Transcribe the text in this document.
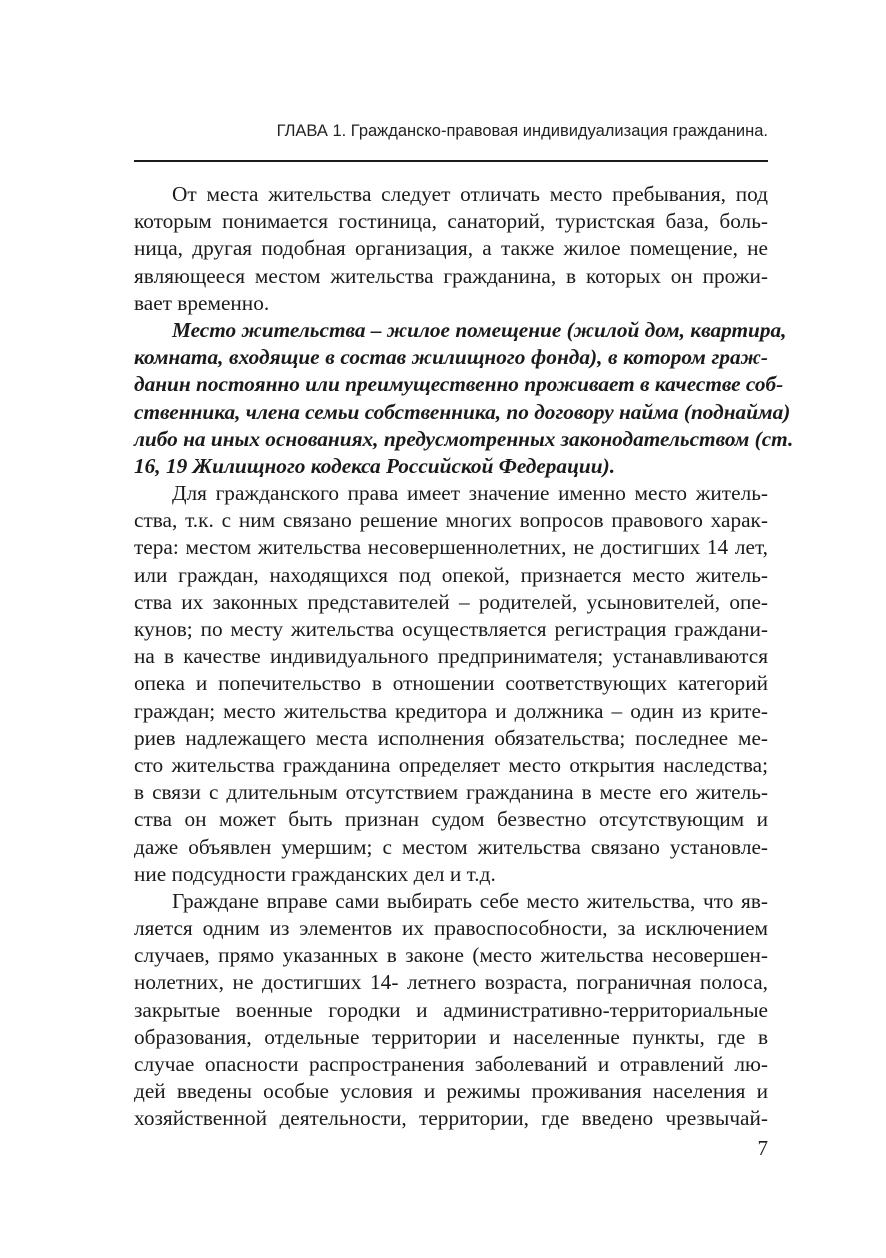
ГЛАВА 1. Гражданско-правовая индивидуализация гражданина.
От места жительства следует отличать место пребывания, под
которым понимается гостиница, санаторий, туристская база, боль-
ница, другая подобная организация, а также жилое помещение, не
являющееся местом жительства гражданина, в которых он прожи-
вает временно.
Место жительства – жилое помещение (жилой дом, квартира,
комната, входящие в состав жилищного фонда), в котором граж-
данин постоянно или преимущественно проживает в качестве соб-
ственника, члена семьи собственника, по договору найма (поднайма)
либо на иных основаниях, предусмотренных законодательством (ст.
16, 19 Жилищного кодекса Российской Федерации).
Для гражданского права имеет значение именно место житель-
ства, т.к. с ним связано решение многих вопросов правового харак-
тера: местом жительства несовершеннолетних, не достигших 14 лет,
или граждан, находящихся под опекой, признается место житель-
ства их законных представителей – родителей, усыновителей, опе-
кунов; по месту жительства осуществляется регистрация граждани-
на в качестве индивидуального предпринимателя; устанавливаются
опека и попечительство в отношении соответствующих категорий
граждан; место жительства кредитора и должника – один из крите-
риев надлежащего места исполнения обязательства; последнее ме-
сто жительства гражданина определяет место открытия наследства;
в связи с длительным отсутствием гражданина в месте его житель-
ства он может быть признан судом безвестно отсутствующим и
даже объявлен умершим; с местом жительства связано установле-
ние подсудности гражданских дел и т.д.
Граждане вправе сами выбирать себе место жительства, что яв-
ляется одним из элементов их правоспособности, за исключением
случаев, прямо указанных в законе (место жительства несовершен-
нолетних, не достигших 14- летнего возраста, пограничная полоса,
закрытые военные городки и административно-территориальные
образования, отдельные территории и населенные пункты, где в
случае опасности распространения заболеваний и отравлений лю-
дей введены особые условия и режимы проживания населения и
хозяйственной деятельности, территории, где введено чрезвычай-
7
